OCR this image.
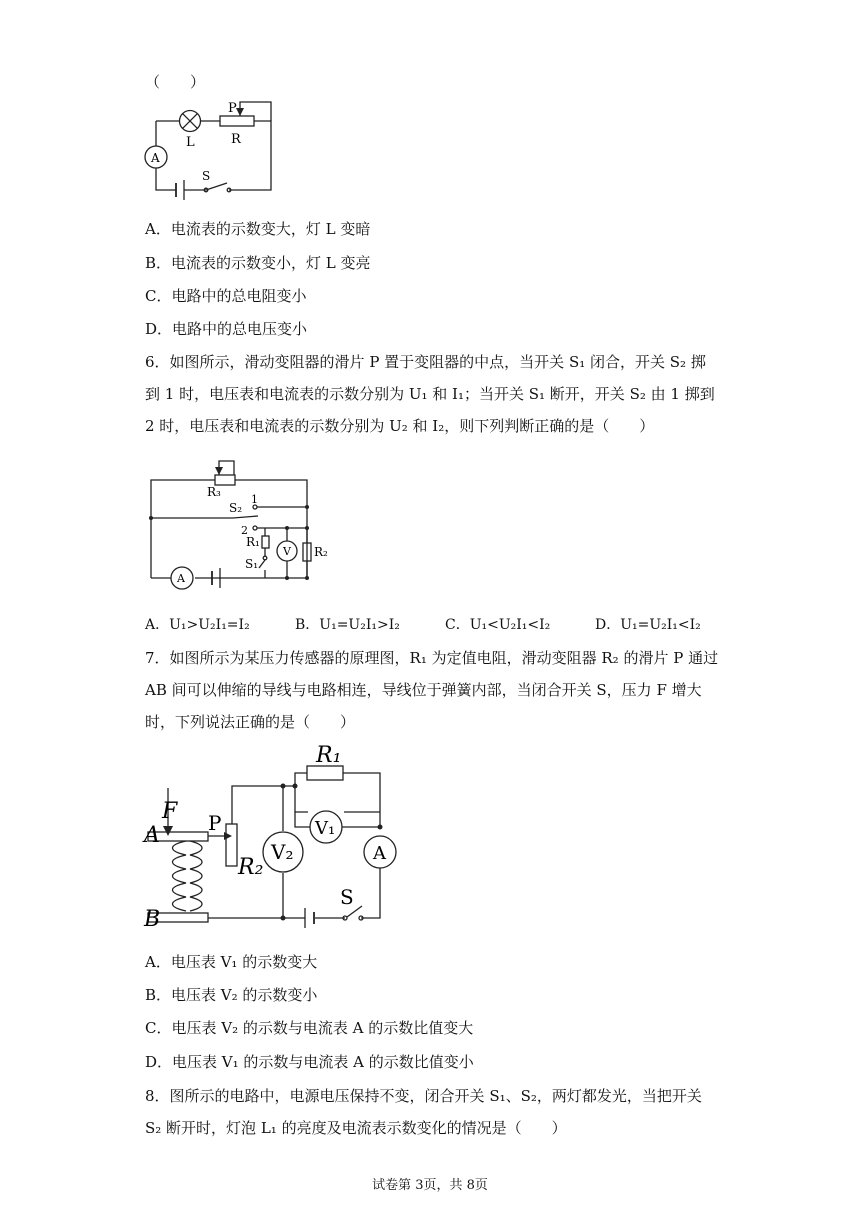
（　　）
L
P
R
A
S
A．电流表的示数变大，灯 L 变暗
B．电流表的示数变小，灯 L 变亮
C．电路中的总电阻变小
D．电路中的总电压变小
6．如图所示，滑动变阻器的滑片 P 置于变阻器的中点，当开关 S₁ 闭合，开关 S₂ 掷到 1 时，电压表和电流表的示数分别为 U₁ 和 I₁；当开关 S₁ 断开，开关 S₂ 由 1 掷到 2 时，电压表和电流表的示数分别为 U₂ 和 I₂，则下列判断正确的是（　　）
R₃
S₂
1
2
R₁
V R₂
S₁
A
A．U₁>U₂I₁=I₂	B．U₁=U₂I₁>I₂	C．U₁<U₂I₁<I₂	D．U₁=U₂I₁<I₂
7．如图所示为某压力传感器的原理图，R₁ 为定值电阻，滑动变阻器 R₂ 的滑片 P 通过 AB 间可以伸缩的导线与电路相连，导线位于弹簧内部，当闭合开关 S，压力 F 增大时，下列说法正确的是（　　）
F
A
B
P
R₂
V₂
R₁
V₁
A
S
A．电压表 V₁ 的示数变大
B．电压表 V₂ 的示数变小
C．电压表 V₂ 的示数与电流表 A 的示数比值变大
D．电压表 V₁ 的示数与电流表 A 的示数比值变小
8．图所示的电路中，电源电压保持不变，闭合开关 S₁、S₂，两灯都发光，当把开关 S₂ 断开时，灯泡 L₁ 的亮度及电流表示数变化的情况是（　　）
试卷第 3页，共 8页
